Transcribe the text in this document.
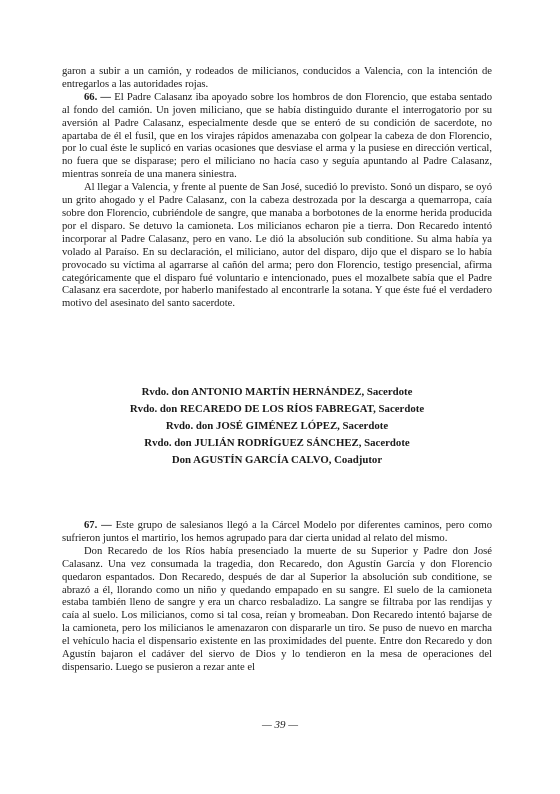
garon a subir a un camión, y rodeados de milicianos, conducidos a Valencia, con la intención de entregarlos a las autoridades rojas.

66. — El Padre Calasanz iba apoyado sobre los hombros de don Florencio, que estaba sentado al fondo del camión. Un joven miliciano, que se había distinguido durante el interrogatorio por su aversión al Padre Calasanz, especialmente desde que se enteró de su condición de sacerdote, no apartaba de él el fusil, que en los virajes rápidos amenazaba con golpear la cabeza de don Florencio, por lo cual éste le suplicó en varias ocasiones que desviase el arma y la pusiese en dirección vertical, no fuera que se disparase; pero el miliciano no hacía caso y seguía apuntando al Padre Calasanz, mientras sonreía de una manera siniestra.

Al llegar a Valencia, y frente al puente de San José, sucedió lo previsto. Sonó un disparo, se oyó un grito ahogado y el Padre Calasanz, con la cabeza destrozada por la descarga a quemarropa, caía sobre don Florencio, cubriéndole de sangre, que manaba a borbotones de la enorme herida producida por el disparo. Se detuvo la camioneta. Los milicianos echaron pie a tierra. Don Recaredo intentó incorporar al Padre Calasanz, pero en vano. Le dió la absolución sub conditione. Su alma había ya volado al Paraíso. En su declaración, el miliciano, autor del disparo, dijo que el disparo se lo había provocado su víctima al agarrarse al cañón del arma; pero don Florencio, testigo presencial, afirma categóricamente que el disparo fué voluntario e intencionado, pues el mozalbete sabía que el Padre Calasanz era sacerdote, por haberlo manifestado al encontrarle la sotana. Y que éste fué el verdadero motivo del asesinato del santo sacerdote.

Rvdo. don ANTONIO MARTÍN HERNÁNDEZ, Sacerdote
Rvdo. don RECAREDO DE LOS RÍOS FABREGAT, Sacerdote
Rvdo. don JOSÉ GIMÉNEZ LÓPEZ, Sacerdote
Rvdo. don JULIÁN RODRÍGUEZ SÁNCHEZ, Sacerdote
Don AGUSTÍN GARCÍA CALVO, Coadjutor

67. — Este grupo de salesianos llegó a la Cárcel Modelo por diferentes caminos, pero como sufrieron juntos el martirio, los hemos agrupado para dar cierta unidad al relato del mismo.

Don Recaredo de los Ríos había presenciado la muerte de su Superior y Padre don José Calasanz. Una vez consumada la tragedia, don Recaredo, don Agustín García y don Florencio quedaron espantados. Don Recaredo, después de dar al Superior la absolución sub conditione, se abrazó a él, llorando como un niño y quedando empapado en su sangre. El suelo de la camioneta estaba también lleno de sangre y era un charco resbaladizo. La sangre se filtraba por las rendijas y caía al suelo. Los milicianos, como si tal cosa, reían y bromeaban. Don Recaredo intentó bajarse de la camioneta, pero los milicianos le amenazaron con dispararle un tiro. Se puso de nuevo en marcha el vehículo hacia el dispensario existente en las proximidades del puente. Entre don Recaredo y don Agustín bajaron el cadáver del siervo de Dios y lo tendieron en la mesa de operaciones del dispensario. Luego se pusieron a rezar ante el

— 39 —
